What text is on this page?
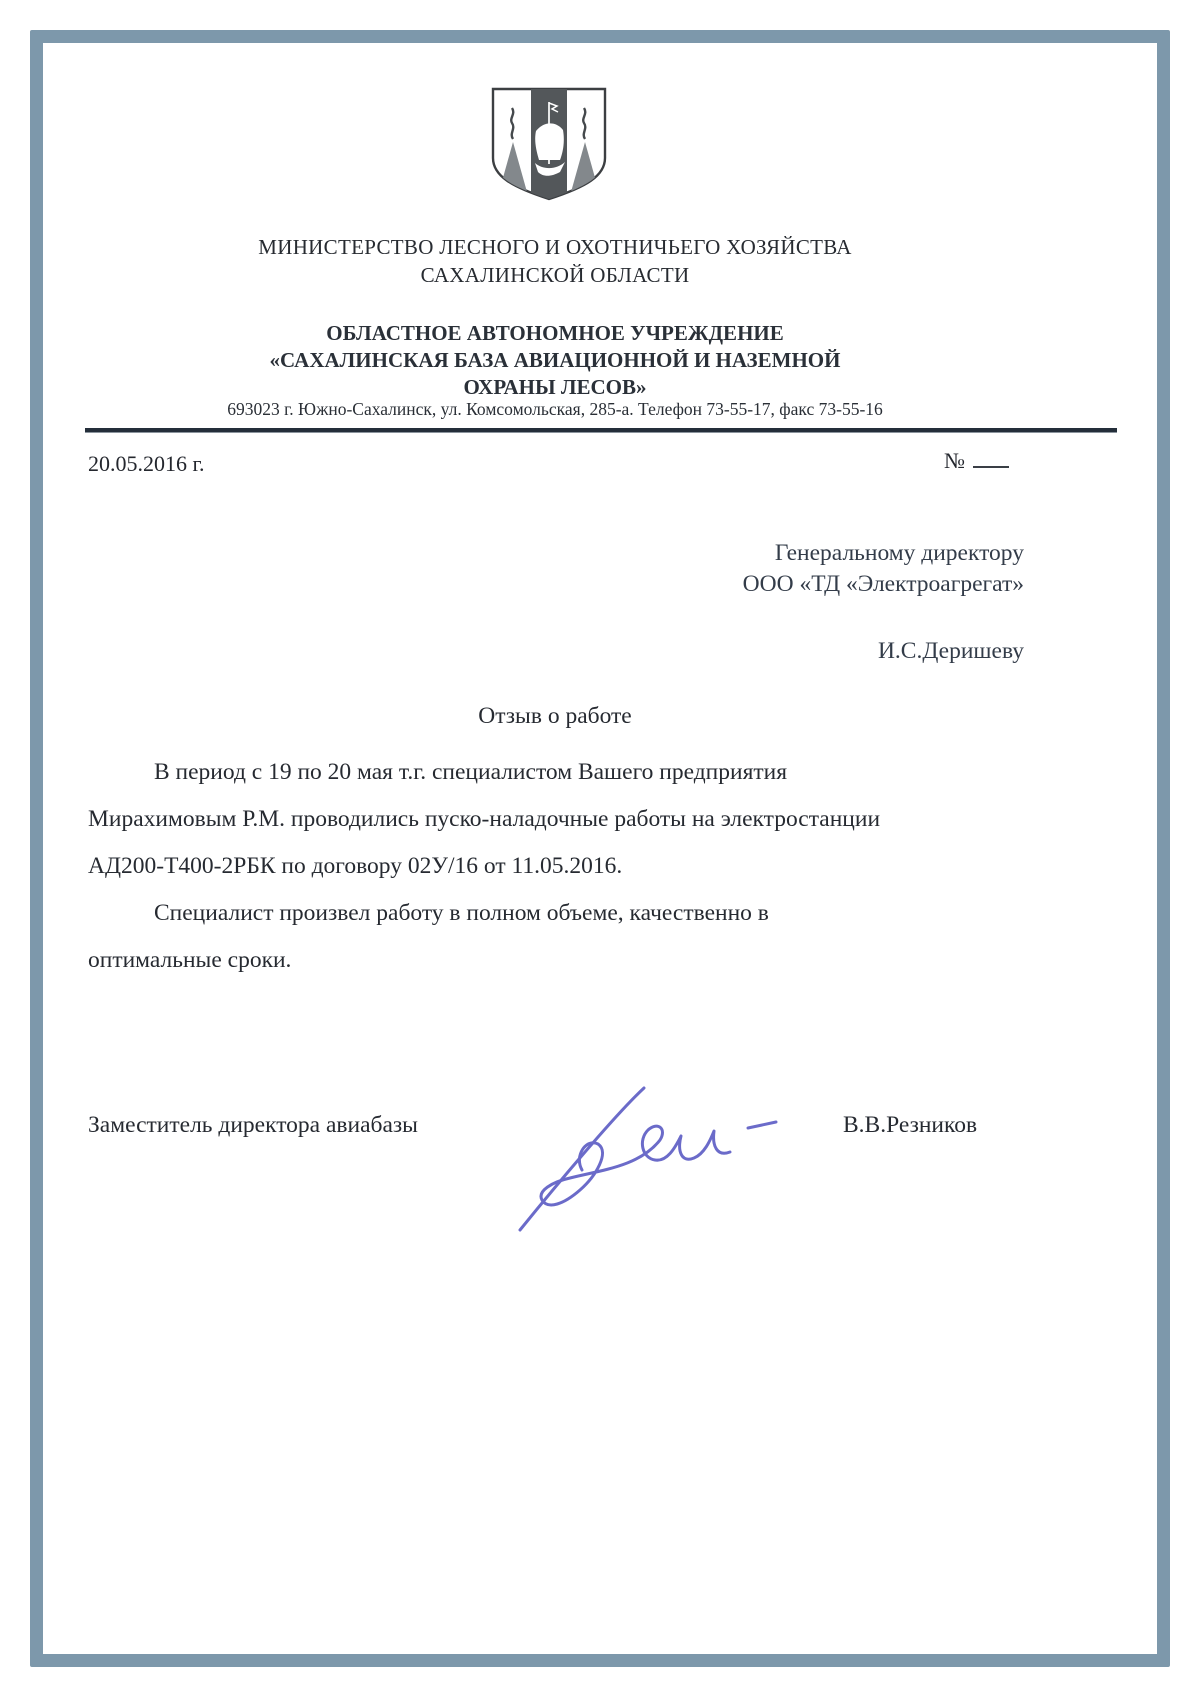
МИНИСТЕРСТВО ЛЕСНОГО И ОХОТНИЧЬЕГО ХОЗЯЙСТВА
САХАЛИНСКОЙ ОБЛАСТИ
ОБЛАСТНОЕ АВТОНОМНОЕ УЧРЕЖДЕНИЕ
«САХАЛИНСКАЯ БАЗА АВИАЦИОННОЙ И НАЗЕМНОЙ
ОХРАНЫ ЛЕСОВ»
693023 г. Южно-Сахалинск, ул. Комсомольская, 285-а. Телефон 73-55-17, факс 73-55-16
20.05.2016 г.	№
Генеральному директору
ООО «ТД «Электроагрегат»
И.С.Деришеву
Отзыв о работе
В период с 19 по 20 мая т.г. специалистом Вашего предприятия
Мирахимовым Р.М. проводились пуско-наладочные работы на электростанции
АД200-Т400-2РБК по договору 02У/16 от 11.05.2016.
Специалист произвел работу в полном объеме, качественно в
оптимальные сроки.
Заместитель директора авиабазы	В.В.Резников
